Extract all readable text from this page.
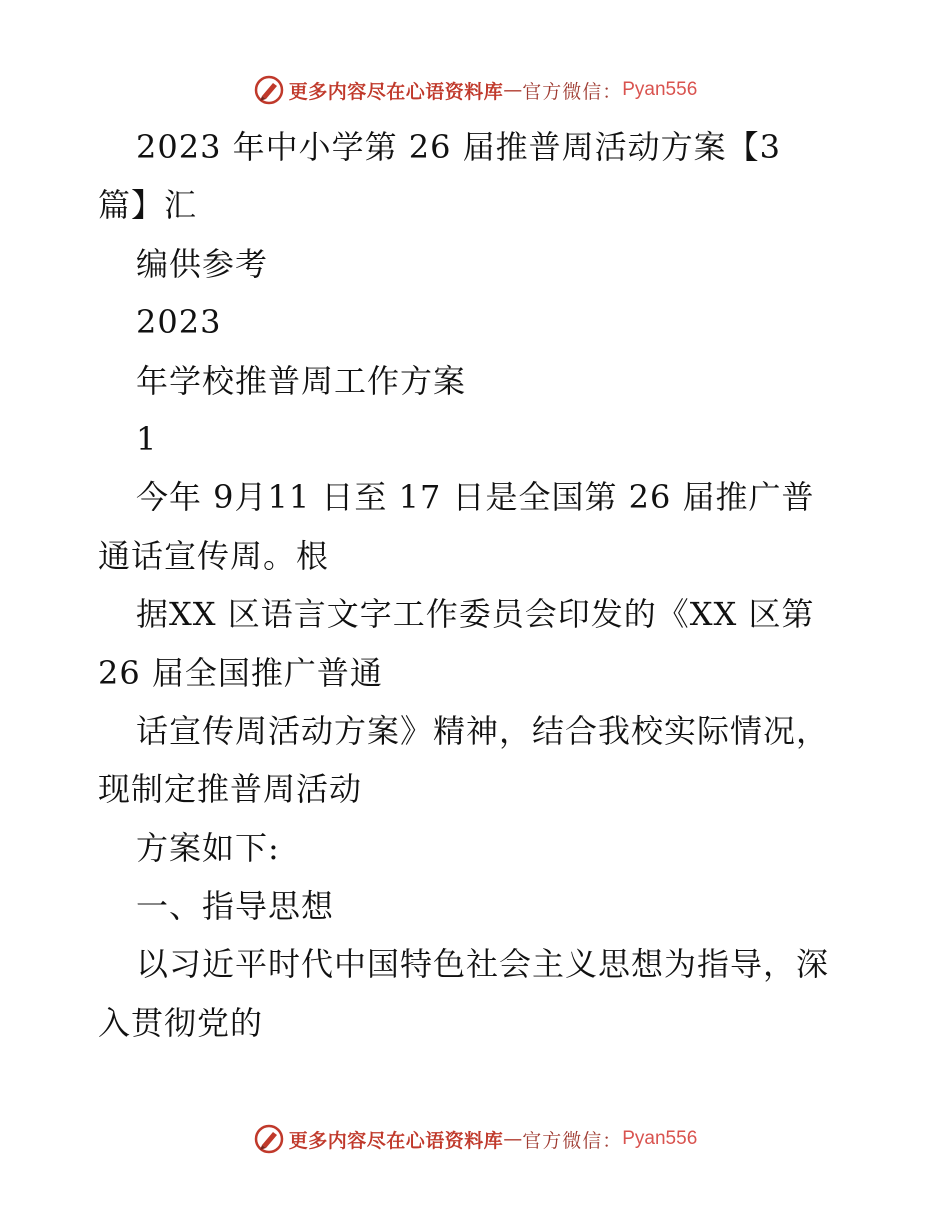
更多内容尽在心语资料库 — 官方微信： Pyan556
2023 年中小学第 26 届推普周活动方案【3
篇】汇
编供参考
2023
年学校推普周工作方案
1
今年 9月11 日至 17 日是全国第 26 届推广普
通话宣传周。根
据XX 区语言文字工作委员会印发的《XX 区第
26 届全国推广普通
话宣传周活动方案》精神，结合我校实际情况，
现制定推普周活动
方案如下:
一、指导思想
以习近平时代中国特色社会主义思想为指导，深
入贯彻党的
更多内容尽在心语资料库 — 官方微信： Pyan556
